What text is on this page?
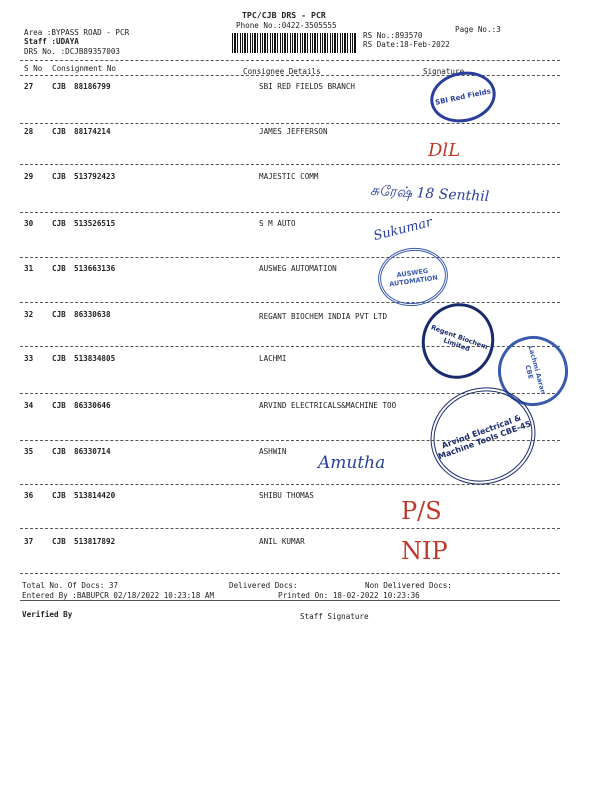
TPC/CJB DRS - PCR
Phone No.:0422-3505555	Page No.:3
Area :BYPASS ROAD - PCR
Staff :UDAYA
DRS No. :DCJB89357003
RS No.:893570
RS Date:18-Feb-2022
S No Consignment No	Consignee Details	Signature
27 CJB 88186799	SBI RED FIELDS BRANCH
28 CJB 88174214	JAMES JEFFERSON
29 CJB 513792423	MAJESTIC COMM
30 CJB 513526515	S M AUTO
31 CJB 513663136	AUSWEG AUTOMATION
32 CJB 86330638	REGANT BIOCHEM INDIA PVT LTD
33 CJB 513834805	LACHMI
34 CJB 86330646	ARVIND ELECTRICALS&MACHINE TOO
35 CJB 86330714	ASHWIN
36 CJB 513814420	SHIBU THOMAS
37 CJB 513817892	ANIL KUMAR
Total No. Of Docs: 37	Delivered Docs:	Non Delivered Docs:
Entered By :BABUPCR 02/18/2022 10:23:18 AM	Printed On: 18-02-2022 10:23:36
Verified By	Staff Signature
SBI Red Fields
AUSWEG AUTOMATION
Regent Biochem Limited
Lachmi Aaran CBE
Arvind Electrical & Machine Tools CBE-45
DlL
சுரேஷ் 18 Senthil
Sukumar
Amutha
P/S
NIP
